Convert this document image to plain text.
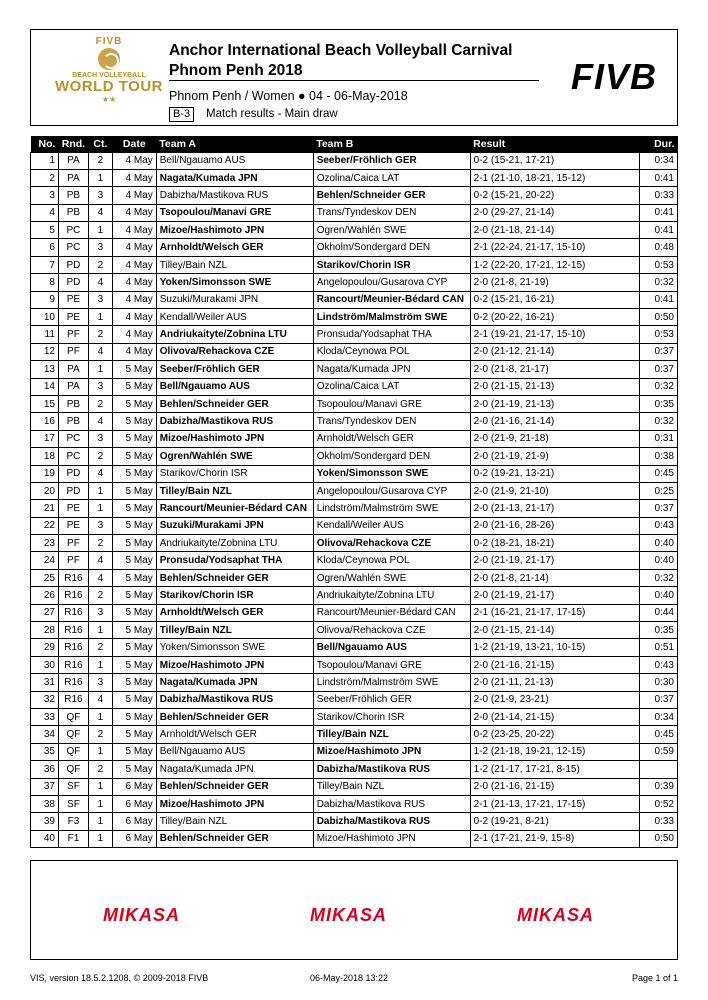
FIVB
BEACH VOLLEYBALL
WORLD TOUR
★★
Anchor International Beach Volleyball Carnival
Phnom Penh 2018
Phnom Penh / Women ● 04 - 06-May-2018
B-3	Match results - Main draw
FIVB
No.	Rnd.	Ct.	Date	Team A	Team B	Result	Dur.
1	PA	2	4 May	Bell/Ngauamo AUS	Seeber/Fröhlich GER	0-2 (15-21, 17-21)	0:34
2	PA	1	4 May	Nagata/Kumada JPN	Ozolina/Caica LAT	2-1 (21-10, 18-21, 15-12)	0:41
3	PB	3	4 May	Dabizha/Mastikova RUS	Behlen/Schneider GER	0-2 (15-21, 20-22)	0:33
4	PB	4	4 May	Tsopoulou/Manavi GRE	Trans/Tyndeskov DEN	2-0 (29-27, 21-14)	0:41
5	PC	1	4 May	Mizoe/Hashimoto JPN	Ogren/Wahlén SWE	2-0 (21-18, 21-14)	0:41
6	PC	3	4 May	Arnholdt/Welsch GER	Okholm/Sondergard DEN	2-1 (22-24, 21-17, 15-10)	0:48
7	PD	2	4 May	Tilley/Bain NZL	Starikov/Chorin ISR	1-2 (22-20, 17-21, 12-15)	0:53
8	PD	4	4 May	Yoken/Simonsson SWE	Angelopoulou/Gusarova CYP	2-0 (21-8, 21-19)	0:32
9	PE	3	4 May	Suzuki/Murakami JPN	Rancourt/Meunier-Bédard CAN	0-2 (15-21, 16-21)	0:41
10	PE	1	4 May	Kendall/Weiler AUS	Lindström/Malmström SWE	0-2 (20-22, 16-21)	0:50
11	PF	2	4 May	Andriukaityte/Zobnina LTU	Pronsuda/Yodsaphat THA	2-1 (19-21, 21-17, 15-10)	0:53
12	PF	4	4 May	Olivova/Rehackova CZE	Kloda/Ceynowa POL	2-0 (21-12, 21-14)	0:37
13	PA	1	5 May	Seeber/Fröhlich GER	Nagata/Kumada JPN	2-0 (21-8, 21-17)	0:37
14	PA	3	5 May	Bell/Ngauamo AUS	Ozolina/Caica LAT	2-0 (21-15, 21-13)	0:32
15	PB	2	5 May	Behlen/Schneider GER	Tsopoulou/Manavi GRE	2-0 (21-19, 21-13)	0:35
16	PB	4	5 May	Dabizha/Mastikova RUS	Trans/Tyndeskov DEN	2-0 (21-16, 21-14)	0:32
17	PC	3	5 May	Mizoe/Hashimoto JPN	Arnholdt/Welsch GER	2-0 (21-9, 21-18)	0:31
18	PC	2	5 May	Ogren/Wahlén SWE	Okholm/Sondergard DEN	2-0 (21-19, 21-9)	0:38
19	PD	4	5 May	Starikov/Chorin ISR	Yoken/Simonsson SWE	0-2 (19-21, 13-21)	0:45
20	PD	1	5 May	Tilley/Bain NZL	Angelopoulou/Gusarova CYP	2-0 (21-9, 21-10)	0:25
21	PE	1	5 May	Rancourt/Meunier-Bédard CAN	Lindström/Malmström SWE	2-0 (21-13, 21-17)	0:37
22	PE	3	5 May	Suzuki/Murakami JPN	Kendall/Weiler AUS	2-0 (21-16, 28-26)	0:43
23	PF	2	5 May	Andriukaityte/Zobnina LTU	Olivova/Rehackova CZE	0-2 (18-21, 18-21)	0:40
24	PF	4	5 May	Pronsuda/Yodsaphat THA	Kloda/Ceynowa POL	2-0 (21-19, 21-17)	0:40
25	R16	4	5 May	Behlen/Schneider GER	Ogren/Wahlén SWE	2-0 (21-8, 21-14)	0:32
26	R16	2	5 May	Starikov/Chorin ISR	Andriukaityte/Zobnina LTU	2-0 (21-19, 21-17)	0:40
27	R16	3	5 May	Arnholdt/Welsch GER	Rancourt/Meunier-Bédard CAN	2-1 (16-21, 21-17, 17-15)	0:44
28	R16	1	5 May	Tilley/Bain NZL	Olivova/Rehackova CZE	2-0 (21-15, 21-14)	0:35
29	R16	2	5 May	Yoken/Simonsson SWE	Bell/Ngauamo AUS	1-2 (21-19, 13-21, 10-15)	0:51
30	R16	1	5 May	Mizoe/Hashimoto JPN	Tsopoulou/Manavi GRE	2-0 (21-16, 21-15)	0:43
31	R16	3	5 May	Nagata/Kumada JPN	Lindström/Malmström SWE	2-0 (21-11, 21-13)	0:30
32	R16	4	5 May	Dabizha/Mastikova RUS	Seeber/Fröhlich GER	2-0 (21-9, 23-21)	0:37
33	QF	1	5 May	Behlen/Schneider GER	Starikov/Chorin ISR	2-0 (21-14, 21-15)	0:34
34	QF	2	5 May	Arnholdt/Welsch GER	Tilley/Bain NZL	0-2 (23-25, 20-22)	0:45
35	QF	1	5 May	Bell/Ngauamo AUS	Mizoe/Hashimoto JPN	1-2 (21-18, 19-21, 12-15)	0:59
36	QF	2	5 May	Nagata/Kumada JPN	Dabizha/Mastikova RUS	1-2 (21-17, 17-21, 8-15)	
37	SF	1	6 May	Behlen/Schneider GER	Tilley/Bain NZL	2-0 (21-16, 21-15)	0:39
38	SF	1	6 May	Mizoe/Hashimoto JPN	Dabizha/Mastikova RUS	2-1 (21-13, 17-21, 17-15)	0:52
39	F3	1	6 May	Tilley/Bain NZL	Dabizha/Mastikova RUS	0-2 (19-21, 8-21)	0:33
40	F1	1	6 May	Behlen/Schneider GER	Mizoe/Hashimoto JPN	2-1 (17-21, 21-9, 15-8)	0:50
MIKASA	MIKASA	MIKASA
VIS, version 18.5.2.1208, © 2009-2018 FIVB	06-May-2018 13:22	Page 1 of 1
